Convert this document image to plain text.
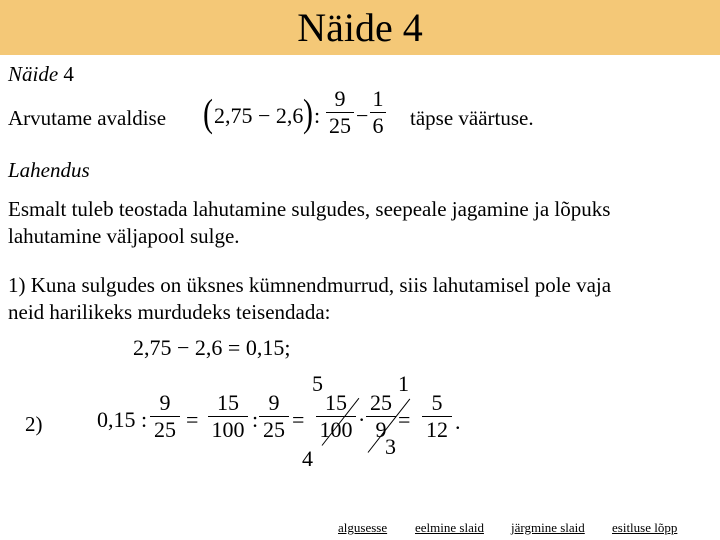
Näide 4
Näide 4
Arvutame avaldise ( 2,75 − 2,6 ) :
9
25 −
1
6 täpse väärtuse.
Lahendus
Esmalt tuleb teostada lahutamine sulgudes, seepeale jagamine ja lõpuks
lahutamine väljapool sulge.
1) Kuna sulgudes on üksnes kümnendmurrud, siis lahutamisel pole vaja
neid harilikeks murdudeks teisendada:
2,75 − 2,6 = 0,15;
2) 0,15 :
9
25 =
15
100 :
9
25 =
15
100 ·
25
9 =
5
12 .
5	1
4	3
algusesse eelmine slaid järgmine slaid esitluse lõpp
